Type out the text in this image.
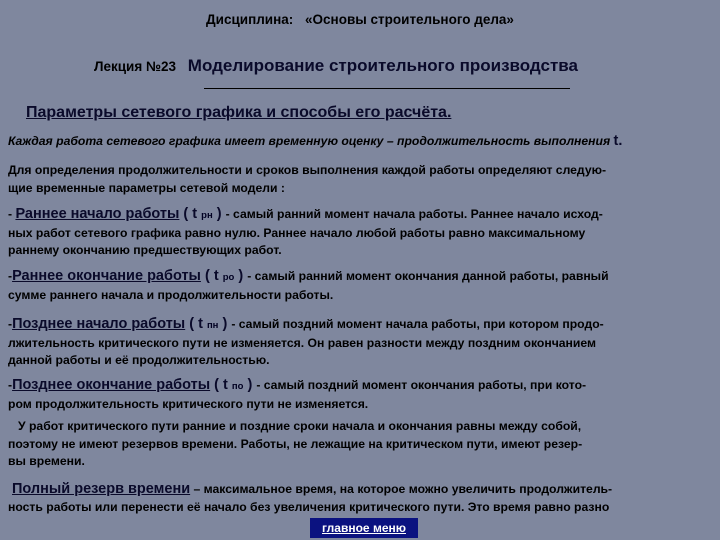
Дисциплина: «Основы строительного дела»
Лекция №23 Моделирование строительного производства
Параметры сетевого графика и способы его расчёта.
Каждая работа сетевого графика имеет временную оценку – продолжительность выполнения t.
Для определения продолжительности и сроков выполнения каждой работы определяют следую-
щие временные параметры сетевой модели :
- Раннее начало работы ( t рн ) - самый ранний момент начала работы. Раннее начало исход-
ных работ сетевого графика равно нулю. Раннее начало любой работы равно максимальному
раннему окончанию предшествующих работ.
-Раннее окончание работы ( t ро ) - самый ранний момент окончания данной работы, равный
сумме раннего начала и продолжительности работы.
-Позднее начало работы ( t пн ) - самый поздний момент начала работы, при котором продо-
лжительность критического пути не изменяется. Он равен разности между поздним окончанием
данной работы и её продолжительностью.
-Позднее окончание работы ( t по ) - самый поздний момент окончания работы, при кото-
ром продолжительность критического пути не изменяется.
У работ критического пути ранние и поздние сроки начала и окончания равны между собой,
поэтому не имеют резервов времени. Работы, не лежащие на критическом пути, имеют резер-
вы времени.
Полный резерв времени – максимальное время, на которое можно увеличить продолжитель-
ность работы или перенести её начало без увеличения критического пути. Это время равно разно
главное меню
